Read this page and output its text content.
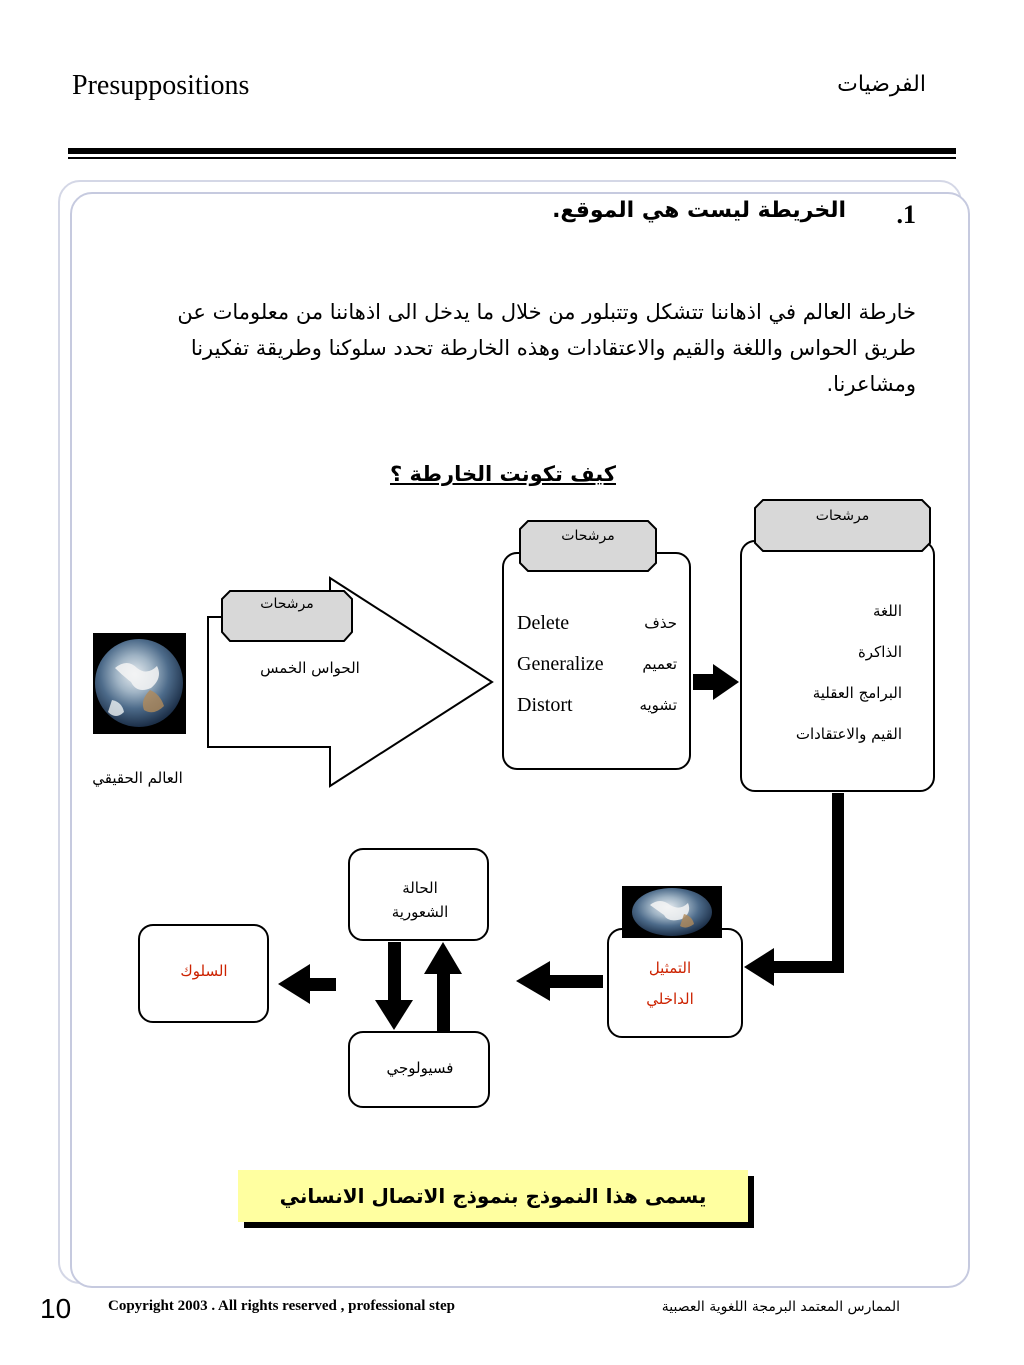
Presuppositions	الفرضيات
.1
الخريطة ليست هي الموقع.
خارطة العالم في اذهاننا تتشكل وتتبلور من خلال ما يدخل الى اذهاننا من معلومات عن طريق الحواس واللغة والقيم والاعتقادات وهذه الخارطة تحدد سلوكنا وطريقة تفكيرنا ومشاعرنا.
كيف تكونت الخارطة ؟
العالم الحقيقي
مرشحات
الحواس الخمس
مرشحات
Delete	حذف
Generalize	تعميم
Distort	تشويه
مرشحات
اللغة
الذاكرة
البرامج العقلية
القيم والاعتقادات
التمثيل
الداخلي
الحالة
الشعورية
فسيولوجي
السلوك
يسمى هذا النموذج بنموذج الاتصال الانساني
10 Copyright 2003 . All rights reserved , professional step	الممارس المعتمد البرمجة اللغوية العصبية
